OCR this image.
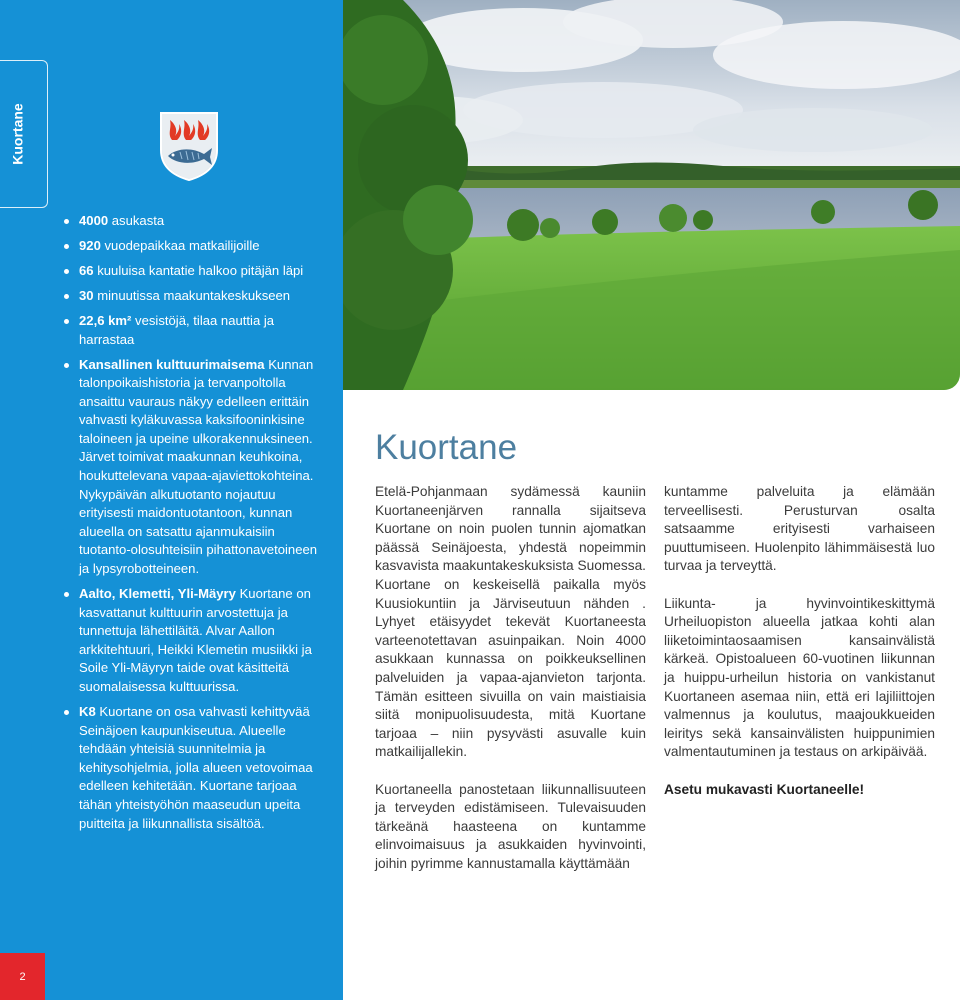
Kuortane
4000 asukasta
920 vuodepaikkaa matkailijoille
66 kuuluisa kantatie halkoo pitäjän läpi
30 minuutissa maakuntakeskukseen
22,6 km² vesistöjä, tilaa nauttia ja harrastaa
Kansallinen kulttuurimaisema Kunnan talonpoikaishistoria ja tervanpoltolla ansaittu vauraus näkyy edelleen erittäin vahvasti kyläkuvassa kaksifooninkisine taloineen ja upeine ulkorakennuksineen. Järvet toimivat maakunnan keuhkoina, houkuttelevana vapaa-ajaviettokohteina. Nykypäivän alkutuotanto nojautuu erityisesti maidontuotantoon, kunnan alueella on satsattu ajanmukaisiin tuotanto-olosuhteisiin pihattonavetoineen ja lypsyrobotteineen.
Aalto, Klemetti, Yli-Mäyry Kuortane on kasvattanut kulttuurin arvostettuja ja tunnettuja lähettiläitä. Alvar Aallon arkkitehtuuri, Heikki Klemetin musiikki ja Soile Yli-Mäyryn taide ovat käsitteitä suomalaisessa kulttuurissa.
K8 Kuortane on osa vahvasti kehittyvää Seinäjoen kaupunkiseutua. Alueelle tehdään yhteisiä suunnitelmia ja kehitysohjelmia, jolla alueen vetovoimaa edelleen kehitetään. Kuortane tarjoaa tähän yhteistyöhön maaseudun upeita puitteita ja liikunnallista sisältöä.
2
Kuortane

Etelä-Pohjanmaan sydämessä kauniin Kuortaneenjärven rannalla sijaitseva Kuortane on noin puolen tunnin ajomatkan päässä Seinäjoesta, yhdestä nopeimmin kasvavista maakuntakeskuksista Suomessa. Kuortane on keskeisellä paikalla myös Kuusiokuntiin ja Järviseutuun nähden . Lyhyet etäisyydet tekevät Kuortaneesta varteenotettavan asuinpaikan. Noin 4000 asukkaan kunnassa on poikkeuksellinen palveluiden ja vapaa-ajanvieton tarjonta. Tämän esitteen sivuilla on vain maistiaisia siitä monipuolisuudesta, mitä Kuortane tarjoaa – niin pysyvästi asuvalle kuin matkailijallekin.

Kuortaneella panostetaan liikunnallisuuteen ja terveyden edistämiseen. Tulevaisuuden tärkeänä haasteena on kuntamme elinvoimaisuus ja asukkaiden hyvinvointi, joihin pyrimme kannustamalla käyttämään

kuntamme palveluita ja elämään terveellisesti. Perusturvan osalta satsaamme erityisesti varhaiseen puuttumiseen. Huolenpito lähimmäisestä luo turvaa ja terveyttä.

Liikunta- ja hyvinvointikeskittymä Urheiluopiston alueella jatkaa kohti alan liiketoimintaosaamisen kansainvälistä kärkeä. Opistoalueen 60-vuotinen liikunnan ja huippu-urheilun historia on vankistanut Kuortaneen asemaa niin, että eri lajiliittojen valmennus ja koulutus, maajoukkueiden leiritys sekä kansainvälisten huippunimien valmentautuminen ja testaus on arkipäivää.

Asetu mukavasti Kuortaneelle!
